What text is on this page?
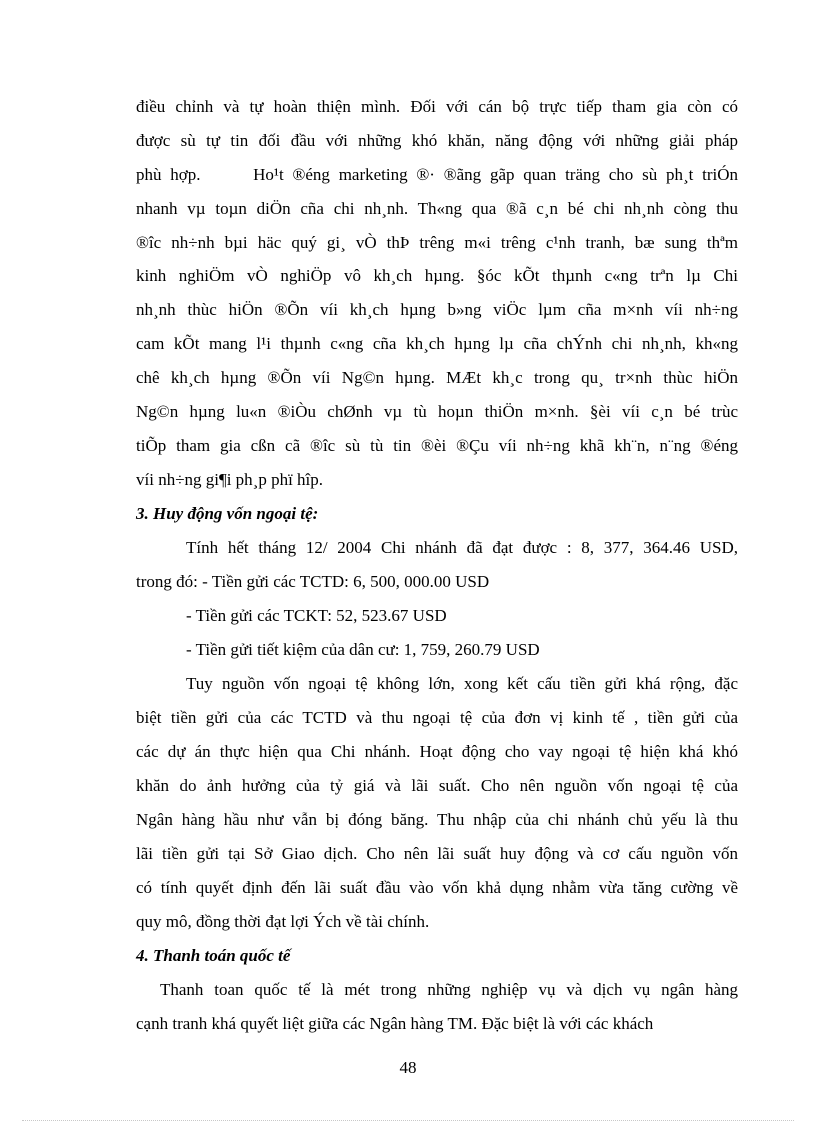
điều chỉnh và tự hoàn thiện mình. Đối với cán bộ trực tiếp tham gia còn có
được sù tự tin đối đầu với những khó khăn, năng động với những giải pháp
phù hợp.      Ho¹t ®éng marketing ®· ®ãng gãp quan träng cho sù ph¸t triÓn
nhanh vµ toµn diÖn cña chi nh¸nh. Th«ng qua ®ã c¸n bé chi nh¸nh còng thu
®îc nh÷nh bµi häc quý gi¸ vÒ thÞ trêng m«i trêng c¹nh tranh, bæ sung thªm
kinh nghiÖm vÒ nghiÖp vô kh¸ch hµng. §óc kÕt thµnh c«ng trªn lµ Chi
nh¸nh thùc hiÖn ®Õn víi kh¸ch hµng b»ng viÖc lµm cña m×nh víi nh÷ng
cam kÕt mang l¹i thµnh c«ng cña kh¸ch hµng lµ cña chÝnh chi nh¸nh, kh«ng
chê kh¸ch hµng ®Õn víi Ng©n hµng. MÆt kh¸c trong qu¸ tr×nh thùc hiÖn
Ng©n hµng lu«n ®iÒu chØnh vµ tù hoµn thiÖn m×nh. §èi víi c¸n bé trùc
tiÕp tham gia cßn cã ®îc sù tù tin ®èi ®Çu víi nh÷ng khã kh¨n, n¨ng ®éng
víi nh÷ng gi¶i ph¸p phï hîp.
3. Huy động vốn ngoại tệ:
Tính hết tháng 12/ 2004 Chi nhánh đã đạt được : 8, 377, 364.46 USD,
trong đó: - Tiền gửi các TCTD: 6, 500, 000.00 USD
- Tiền gửi các TCKT: 52, 523.67 USD
- Tiền gửi tiết kiệm của dân cư: 1, 759, 260.79 USD
Tuy nguồn vốn ngoại tệ không lớn, xong kết cấu tiền gửi khá rộng, đặc
biệt tiền gửi của các TCTD và thu ngoại tệ của đơn vị kinh tế , tiền gửi của
các dự án thực hiện qua Chi nhánh. Hoạt động cho vay ngoại tệ hiện khá khó
khăn do ảnh hưởng của tỷ giá và lãi suất. Cho nên nguồn vốn ngoại tệ của
Ngân hàng hầu như vẫn bị đóng băng. Thu nhập của chi nhánh chủ yếu là thu
lãi tiền gửi tại Sở Giao dịch. Cho nên lãi suất huy động và cơ cấu nguồn vốn
có tính quyết định đến lãi suất đầu vào vốn khả dụng nhằm vừa tăng cường về
quy mô, đồng thời đạt lợi Ých về tài chính.
4. Thanh toán quốc tế
Thanh toan quốc tế là mét trong những nghiệp vụ và dịch vụ ngân hàng
cạnh tranh khá quyết liệt giữa các Ngân hàng TM. Đặc biệt là với các khách
48
